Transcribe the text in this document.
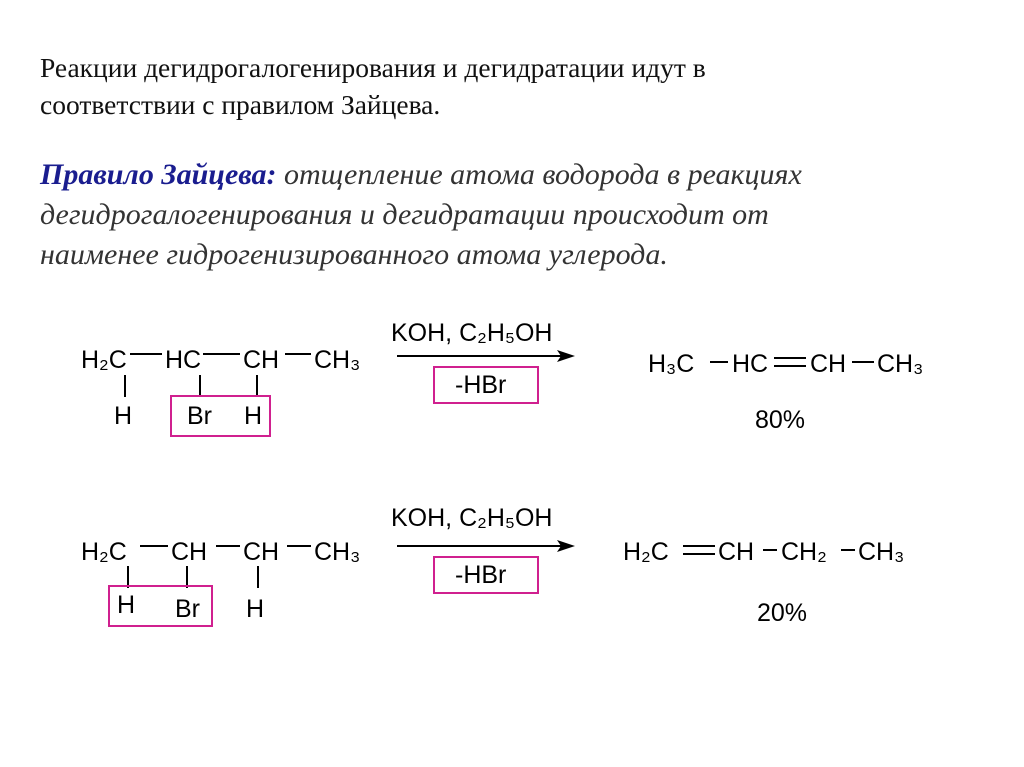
Реакции дегидрогалогенирования и дегидратации идут в
соответствии с правилом Зайцева.
Правило Зайцева: отщепление атома водорода в реакциях
дегидрогалогенирования и дегидратации происходит от
наименее гидрогенизированного атома углерода.
H₂C HC CH CH₃
H Br H
KOH, C₂H₅OH
-HBr
H₃C HC CH CH₃
80%
H₂C CH CH CH₃
H Br H
KOH, C₂H₅OH
-HBr
H₂C CH CH₂ CH₃
20%
